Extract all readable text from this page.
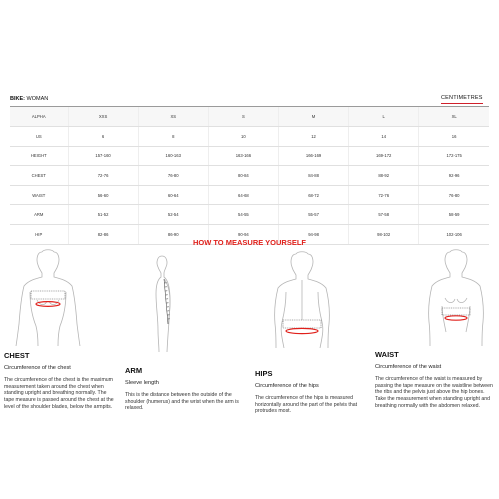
BIKE: WOMAN	CENTIMETRES
ALPHA	XXS	XS	S	M	L	XL
US	6	8	10	12	14	16
HEIGHT	157-160	160-163	163-166	166-169	169-172	172-175
CHEST	72-76	76-80	80-84	84-88	88-92	92-96
WAIST	56-60	60-64	64-68	68-72	72-76	76-80
ARM	51-52	52-54	54-55	55-57	57-58	58-59
HIP	82-86	86-90	90-94	94-98	98-102	102-106
HOW TO MEASURE YOURSELF
CHEST
Circumference of the chest
The circumference of the chest is the maximum measurement taken around the chest when standing upright and breathing normally. The tape measure is passed around the chest at the level of the shoulder blades, below the armpits.
ARM
Sleeve length
This is the distance between the outside of the shoulder (humerus) and the wrist when the arm is relaxed.
HIPS
Circumference of the hips
The circumference of the hips is measured horizontally around the part of the pelvis that protrudes most.
WAIST
Circumference of the waist
The circumference of the waist is measured by passing the tape measure on the waistline between the ribs and the pelvis just above the hip bones. Take the measurement when standing upright and breathing normally with the abdomen relaxed.
